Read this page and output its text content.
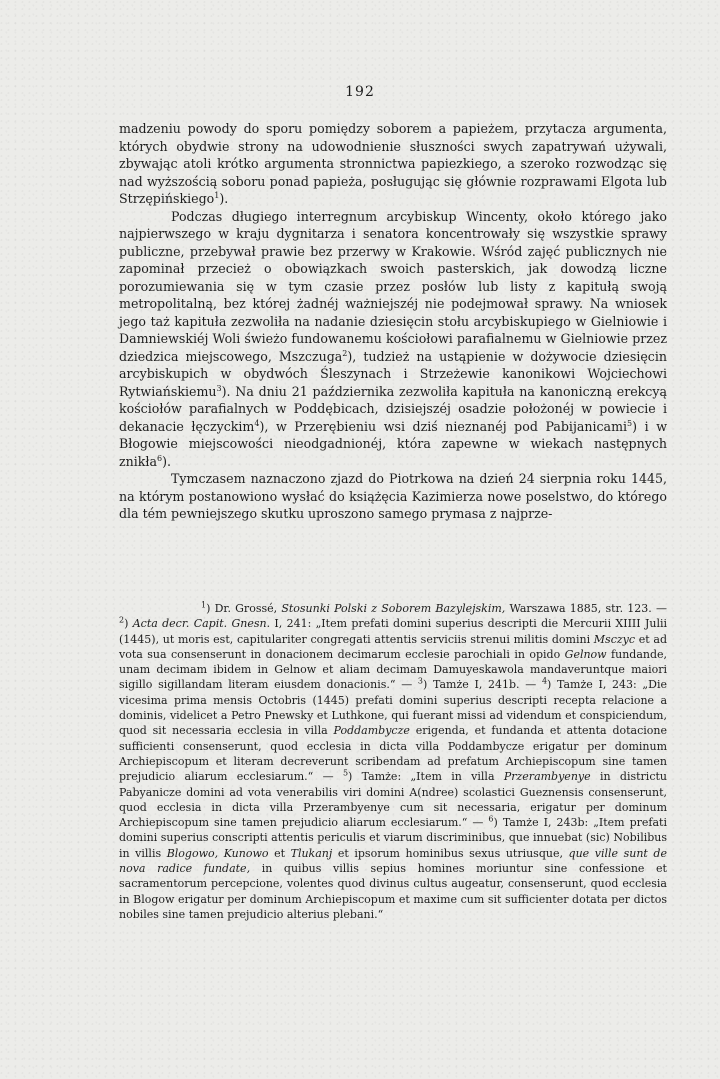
192

madzeniu powody do sporu pomiędzy soborem a papieżem, przytacza argumenta, których obydwie strony na udowodnienie słuszności swych zapatrywań używali, zbywając atoli krótko argumenta stronnictwa papiezkiego, a szeroko rozwodząc się nad wyższością soboru ponad papieża, posługując się głównie rozprawami Elgota lub Strzępińskiego$^1$).

Podczas długiego interregnum arcybiskup Wincenty, około którego jako najpierwszego w kraju dygnitarza i senatora koncentrowały się wszystkie sprawy publiczne, przebywał prawie bez przerwy w Krakowie. Wśród zajęć publicznych nie zapominał przecież o obowiązkach swoich pasterskich, jak dowodzą liczne porozumiewania się w tym czasie przez posłów lub listy z kapitułą swoją metropolitalną, bez której żadnéj ważniejszéj nie podejmował sprawy. Na wniosek jego taż kapituła zezwoliła na nadanie dziesięcin stołu arcybiskupiego w Gielniowie i Damniewskiéj Woli świeżo fundowanemu kościołowi parafialnemu w Gielniowie przez dziedzica miejscowego, Mszczuga$^2$), tudzież na ustąpienie w dożywocie dziesięcin arcybiskupich w obydwóch Śleszynach i Strzeżewie kanonikowi Wojciechowi Rytwiańskiemu$^3$). Na dniu 21 października zezwoliła kapituła na kanoniczną erekcyą kościołów parafialnych w Poddębicach, dzisiejszéj osadzie położonéj w powiecie i dekanacie łęczyckim$^4$), w Przerębieniu wsi dziś nieznanéj pod Pabijanicami$^5$) i w Błogowie miejscowości nieodgadnionéj, która zapewne w wiekach następnych znikła$^6$).

Tymczasem naznaczono zjazd do Piotrkowa na dzień 24 sierpnia roku 1445, na którym postanowiono wysłać do książęcia Kazimierza nowe poselstwo, do którego dla tém pewniejszego skutku uproszono samego prymasa z najprze-

$^1$) Dr. Grossé, Stosunki Polski z Soborem Bazylejskim, Warszawa 1885, str. 123. — $^2$) Acta decr. Capit. Gnesn. I, 241: „Item prefati domini superius descripti die Mercurii XIIII Julii (1445), ut moris est, capitulariter congregati attentis serviciis strenui militis domini Msczyc et ad vota sua consenserunt in donacionem decimarum ecclesie parochiali in opido Gelnow fundande, unam decimam ibidem in Gelnow et aliam decimam Damuyeskawola mandaveruntque maiori sigillo sigillandam literam eiusdem donacionis.“ — $^3$) Tamże I, 241b. — $^4$) Tamże I, 243: „Die vicesima prima mensis Octobris (1445) prefati domini superius descripti recepta relacione a dominis, videlicet a Petro Pnewsky et Luthkone, qui fuerant missi ad videndum et conspiciendum, quod sit necessaria ecclesia in villa Poddambycze erigenda, et fundanda et attenta dotacione sufficienti consenserunt, quod ecclesia in dicta villa Poddambycze erigatur per dominum Archiepiscopum et literam decreverunt scribendam ad prefatum Archiepiscopum sine tamen prejudicio aliarum ecclesiarum.“ — $^5$) Tamże: „Item in villa Przerambyenye in districtu Pabyanicze domini ad vota venerabilis viri domini A(ndree) scolastici Gueznensis consenserunt, quod ecclesia in dicta villa Przerambyenye cum sit necessaria, erigatur per dominum Archiepiscopum sine tamen prejudicio aliarum ecclesiarum.“ — $^6$) Tamże I, 243b: „Item prefati domini superius conscripti attentis periculis et viarum discriminibus, que innuebat (sic) Nobilibus in villis Blogowo, Kunowo et Tlukanj et ipsorum hominibus sexus utriusque, que ville sunt de nova radice fundate, in quibus villis sepius homines moriuntur sine confessione et sacramentorum percepcione, volentes quod divinus cultus augeatur, consenserunt, quod ecclesia in Blogow erigatur per dominum Archiepiscopum et maxime cum sit sufficienter dotata per dictos nobiles sine tamen prejudicio alterius plebani.“
